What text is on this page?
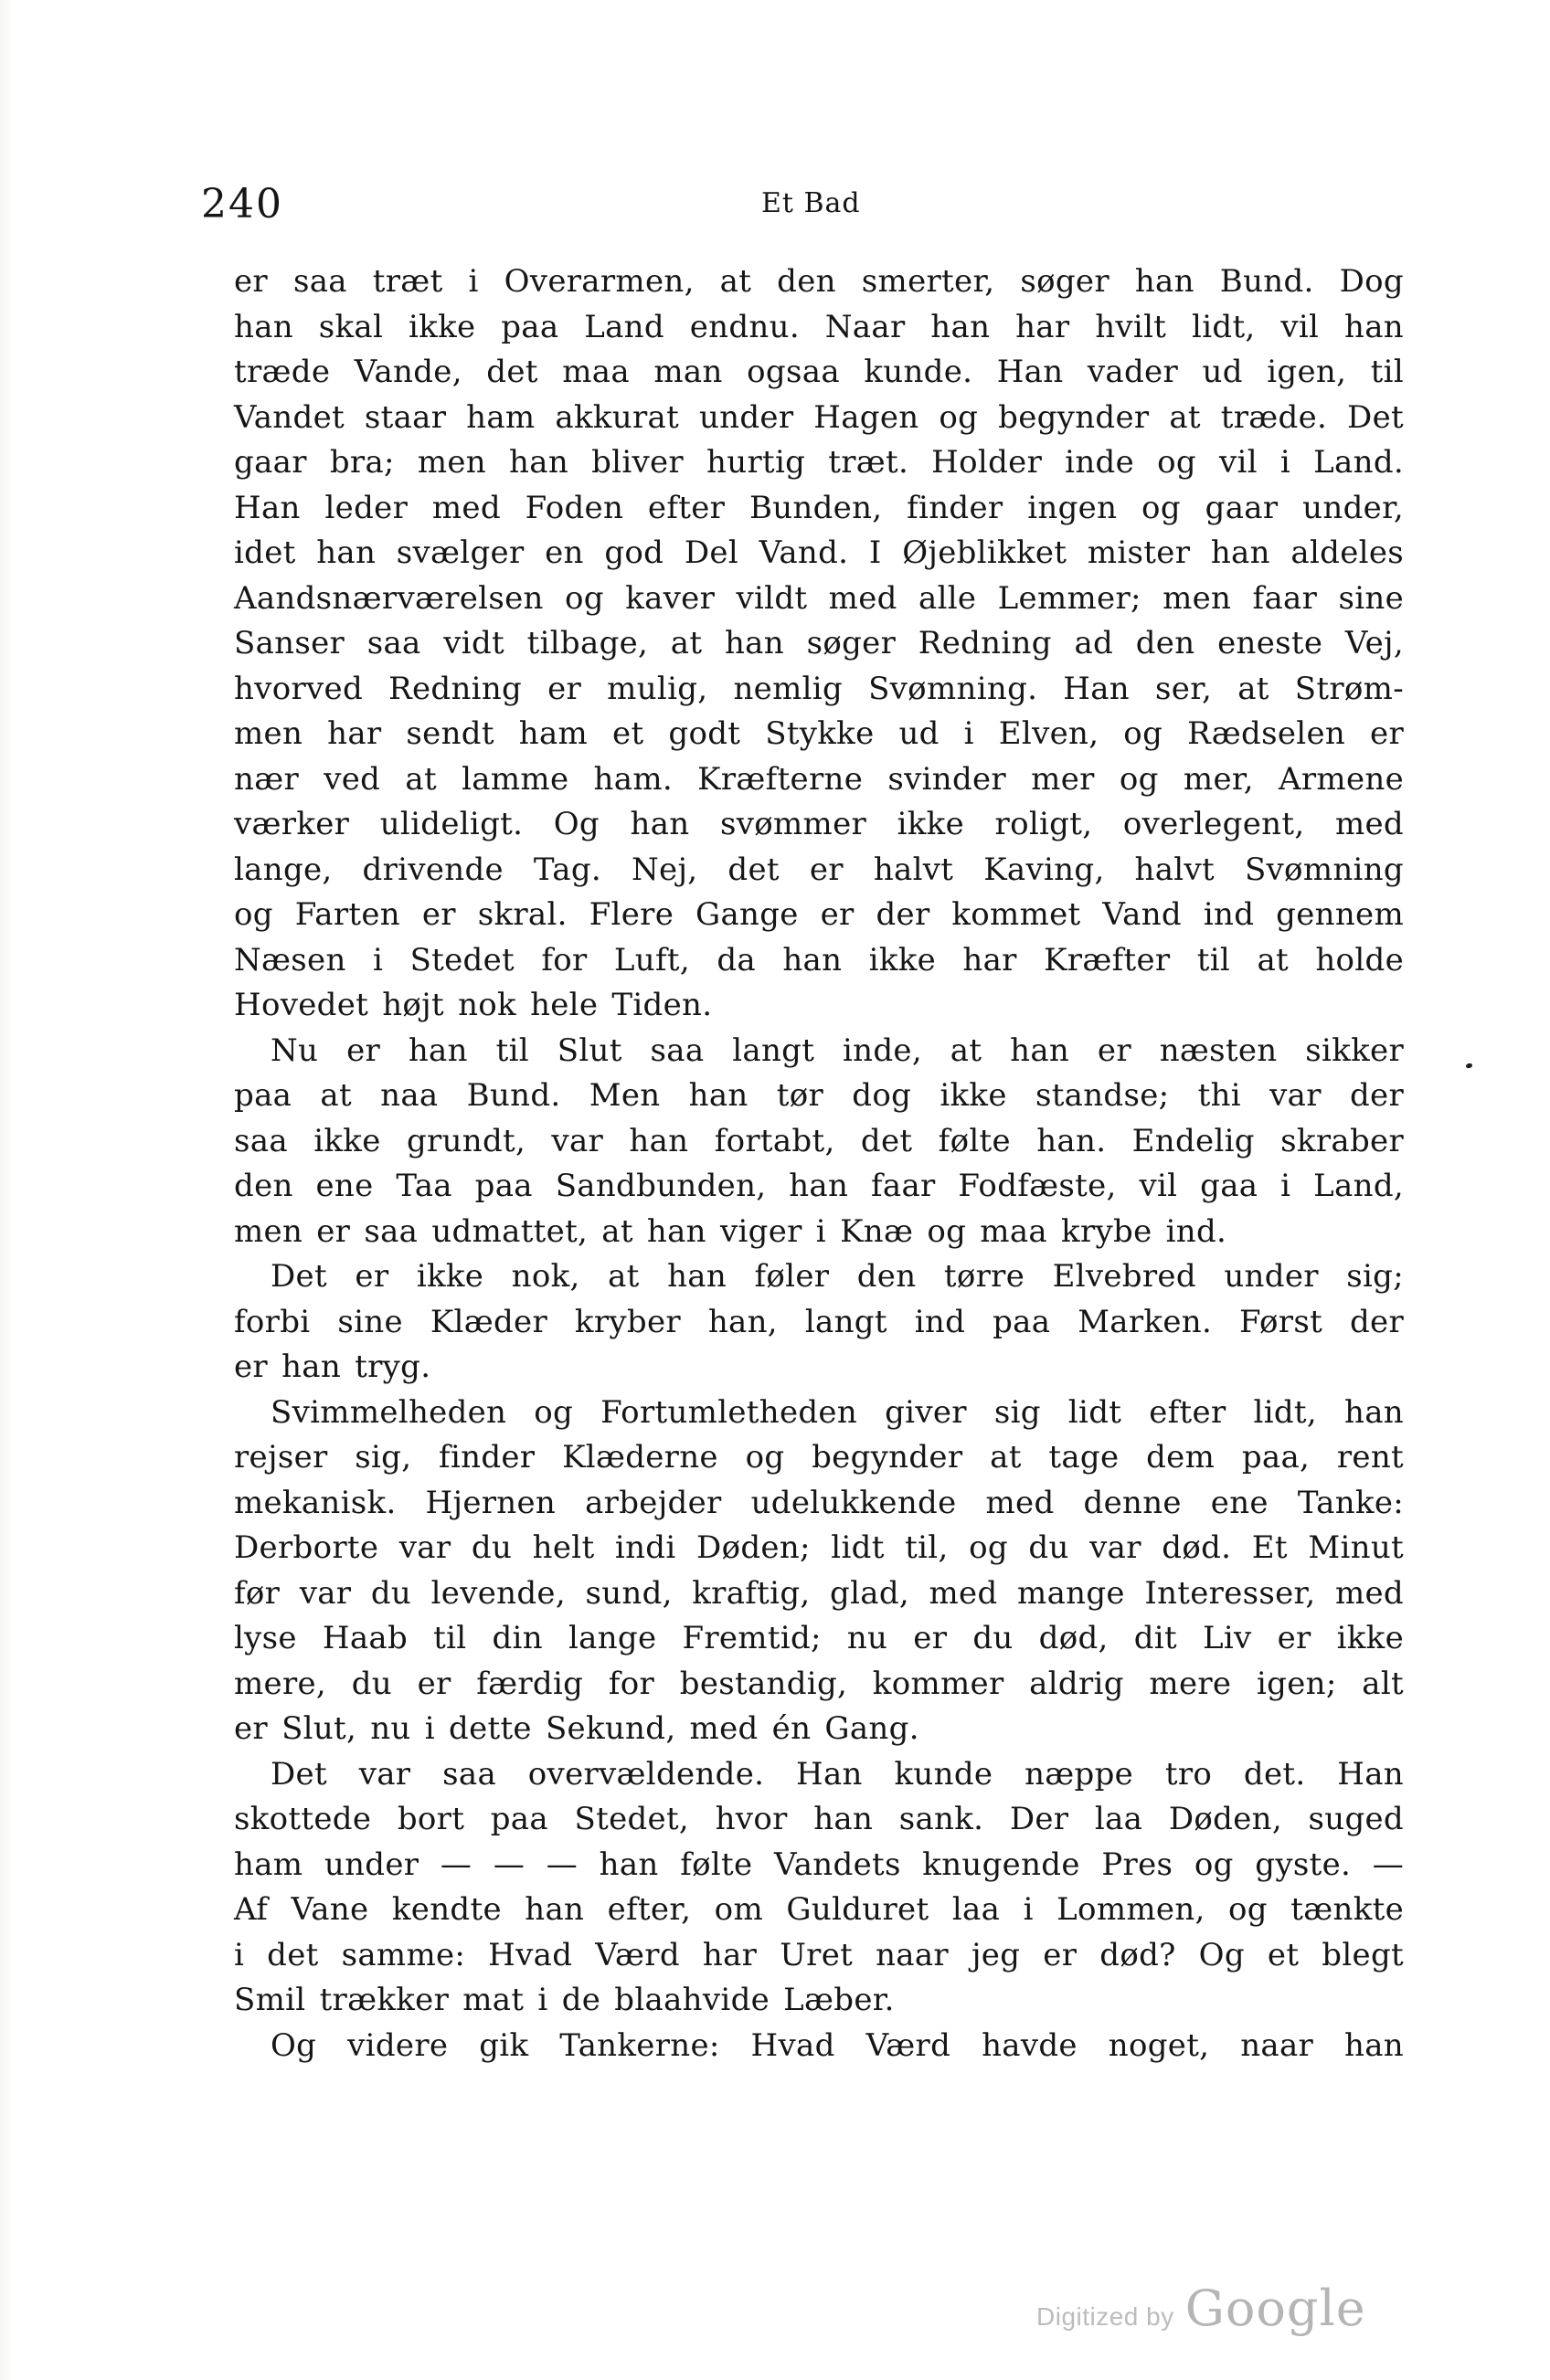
240	Et Bad
er saa træt i Overarmen, at den smerter, søger han Bund. Dog
han skal ikke paa Land endnu. Naar han har hvilt lidt, vil han
træde Vande, det maa man ogsaa kunde. Han vader ud igen, til
Vandet staar ham akkurat under Hagen og begynder at træde. Det
gaar bra; men han bliver hurtig træt. Holder inde og vil i Land.
Han leder med Foden efter Bunden, finder ingen og gaar under,
idet han svælger en god Del Vand. I Øjeblikket mister han aldeles
Aandsnærværelsen og kaver vildt med alle Lemmer; men faar sine
Sanser saa vidt tilbage, at han søger Redning ad den eneste Vej,
hvorved Redning er mulig, nemlig Svømning. Han ser, at Strøm-
men har sendt ham et godt Stykke ud i Elven, og Rædselen er
nær ved at lamme ham. Kræfterne svinder mer og mer, Armene
værker ulideligt. Og han svømmer ikke roligt, overlegent, med
lange, drivende Tag. Nej, det er halvt Kaving, halvt Svømning
og Farten er skral. Flere Gange er der kommet Vand ind gennem
Næsen i Stedet for Luft, da han ikke har Kræfter til at holde
Hovedet højt nok hele Tiden.
Nu er han til Slut saa langt inde, at han er næsten sikker
paa at naa Bund. Men han tør dog ikke standse; thi var der
saa ikke grundt, var han fortabt, det følte han. Endelig skraber
den ene Taa paa Sandbunden, han faar Fodfæste, vil gaa i Land,
men er saa udmattet, at han viger i Knæ og maa krybe ind.
Det er ikke nok, at han føler den tørre Elvebred under sig;
forbi sine Klæder kryber han, langt ind paa Marken. Først der
er han tryg.
Svimmelheden og Fortumletheden giver sig lidt efter lidt, han
rejser sig, finder Klæderne og begynder at tage dem paa, rent
mekanisk. Hjernen arbejder udelukkende med denne ene Tanke:
Derborte var du helt indi Døden; lidt til, og du var død. Et Minut
før var du levende, sund, kraftig, glad, med mange Interesser, med
lyse Haab til din lange Fremtid; nu er du død, dit Liv er ikke
mere, du er færdig for bestandig, kommer aldrig mere igen; alt
er Slut, nu i dette Sekund, med én Gang.
Det var saa overvældende. Han kunde næppe tro det. Han
skottede bort paa Stedet, hvor han sank. Der laa Døden, suged
ham under — — — han følte Vandets knugende Pres og gyste. —
Af Vane kendte han efter, om Gulduret laa i Lommen, og tænkte
i det samme: Hvad Værd har Uret naar jeg er død? Og et blegt
Smil trækker mat i de blaahvide Læber.
Og videre gik Tankerne: Hvad Værd havde noget, naar han
Digitized by Google
